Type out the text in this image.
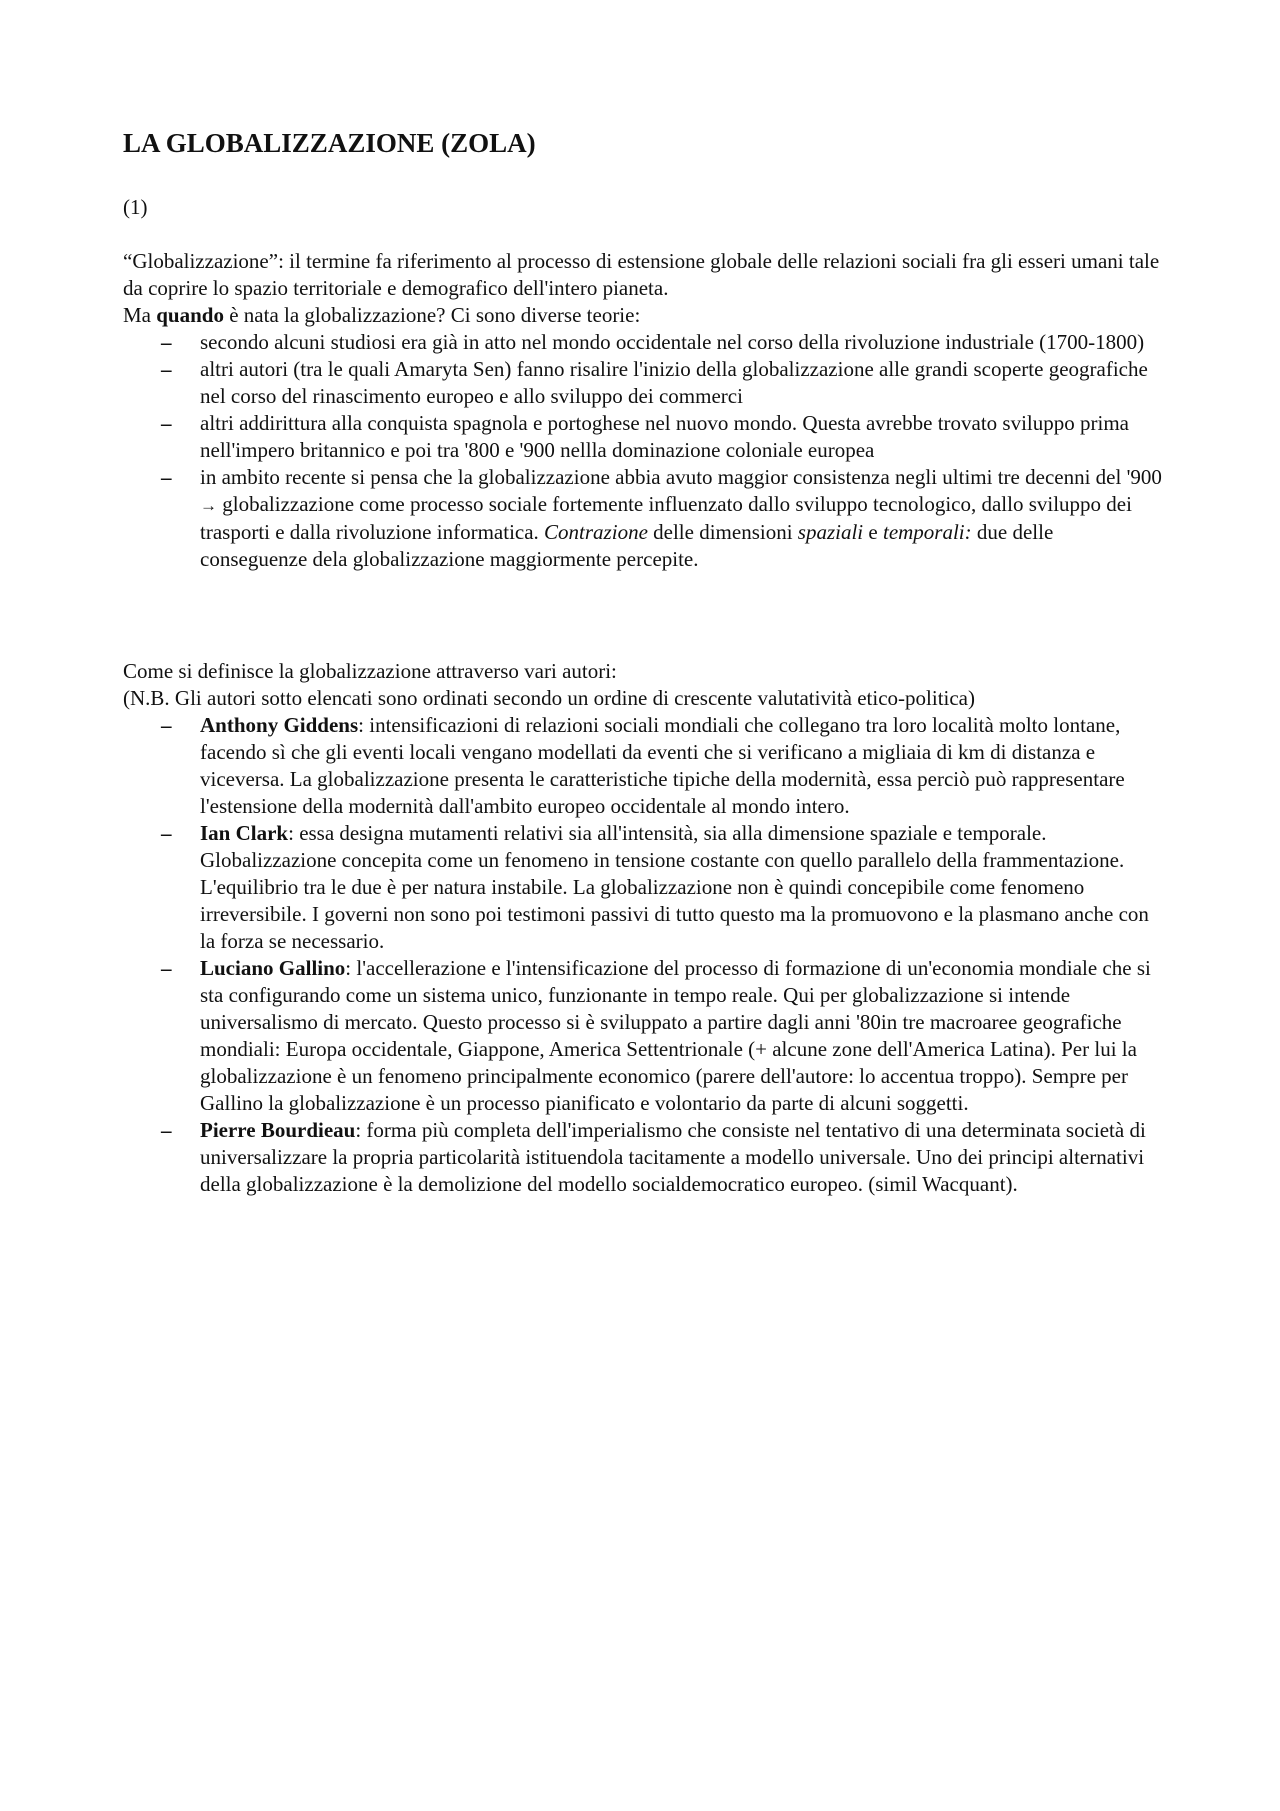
LA GLOBALIZZAZIONE (ZOLA)
(1)

“Globalizzazione”: il termine fa riferimento al processo di estensione globale delle relazioni sociali fra gli esseri umani tale da coprire lo spazio territoriale e demografico dell'intero pianeta.

Ma quando è nata la globalizzazione? Ci sono diverse teorie:

– secondo alcuni studiosi era già in atto nel mondo occidentale nel corso della rivoluzione industriale (1700-1800)
– altri autori (tra le quali Amaryta Sen) fanno risalire l'inizio della globalizzazione alle grandi scoperte geografiche nel corso del rinascimento europeo e allo sviluppo dei commerci
– altri addirittura alla conquista spagnola e portoghese nel nuovo mondo. Questa avrebbe trovato sviluppo prima nell'impero britannico e poi tra '800 e '900 nellla dominazione coloniale europea
– in ambito recente si pensa che la globalizzazione abbia avuto maggior consistenza negli ultimi tre decenni del '900
→ globalizzazione come processo sociale fortemente influenzato dallo sviluppo tecnologico, dallo sviluppo dei trasporti e dalla rivoluzione informatica. Contrazione delle dimensioni spaziali e temporali: due delle conseguenze dela globalizzazione maggiormente percepite.

Come si definisce la globalizzazione attraverso vari autori:

(N.B. Gli autori sotto elencati sono ordinati secondo un ordine di crescente valutatività etico-politica)

– Anthony Giddens: intensificazioni di relazioni sociali mondiali che collegano tra loro località molto lontane, facendo sì che gli eventi locali vengano modellati da eventi che si verificano a migliaia di km di distanza e viceversa. La globalizzazione presenta le caratteristiche tipiche della modernità, essa perciò può rappresentare l'estensione della modernità dall'ambito europeo occidentale al mondo intero.
– Ian Clark: essa designa mutamenti relativi sia all'intensità, sia alla dimensione spaziale e temporale. Globalizzazione concepita come un fenomeno in tensione costante con quello parallelo della frammentazione. L'equilibrio tra le due è per natura instabile. La globalizzazione non è quindi concepibile come fenomeno irreversibile. I governi non sono poi testimoni passivi di tutto questo ma la promuovono e la plasmano anche con la forza se necessario.
– Luciano Gallino: l'accellerazione e l'intensificazione del processo di formazione di un'economia mondiale che si sta configurando come un sistema unico, funzionante in tempo reale. Qui per globalizzazione si intende universalismo di mercato. Questo processo si è sviluppato a partire dagli anni '80in tre macroaree geografiche mondiali: Europa occidentale, Giappone, America Settentrionale (+ alcune zone dell'America Latina). Per lui la globalizzazione è un fenomeno principalmente economico (parere dell'autore: lo accentua troppo). Sempre per Gallino la globalizzazione è un processo pianificato e volontario da parte di alcuni soggetti.
– Pierre Bourdieau: forma più completa dell'imperialismo che consiste nel tentativo di una determinata società di universalizzare la propria particolarità istituendola tacitamente a modello universale. Uno dei principi alternativi della globalizzazione è la demolizione del modello socialdemocratico europeo. (simil Wacquant).
